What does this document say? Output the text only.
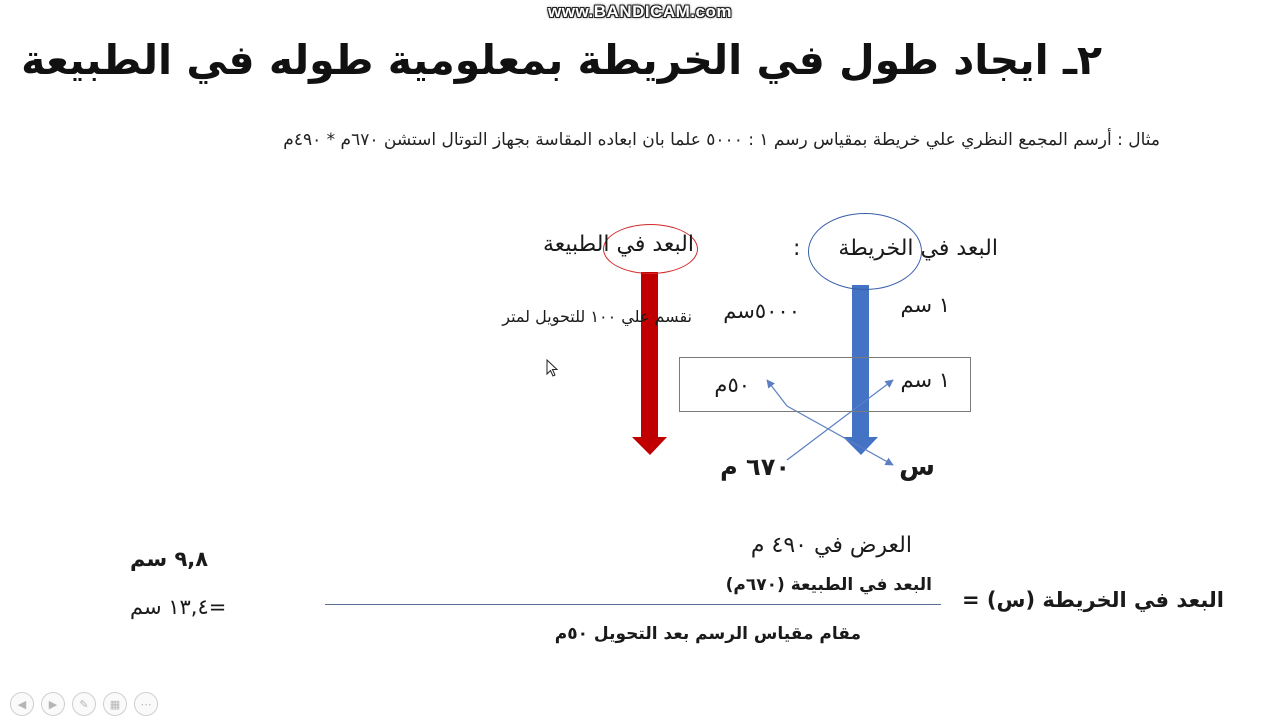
www.BANDICAM.com
٢ـ ايجاد طول في الخريطة بمعلومية طوله في الطبيعة
مثال : أرسم المجمع النظري علي خريطة بمقياس رسم ١ : ٥٠٠٠ علما بان ابعاده المقاسة بجهاز التوتال استشن ٦٧٠م * ٤٩٠م
البعد في الخريطة
:
البعد في الطبيعة
١ سم
٥٠٠٠سم
نقسم علي ١٠٠ للتحويل لمتر
١ سم
٥٠م
س
٦٧٠ م
العرض في ٤٩٠ م
البعد في الطبيعة (٦٧٠م)
مقام مقياس الرسم بعد التحويل ٥٠م
البعد في الخريطة (س) =
٩,٨ سم
=١٣,٤ سم
◀	▶	✎	▦	⋯
